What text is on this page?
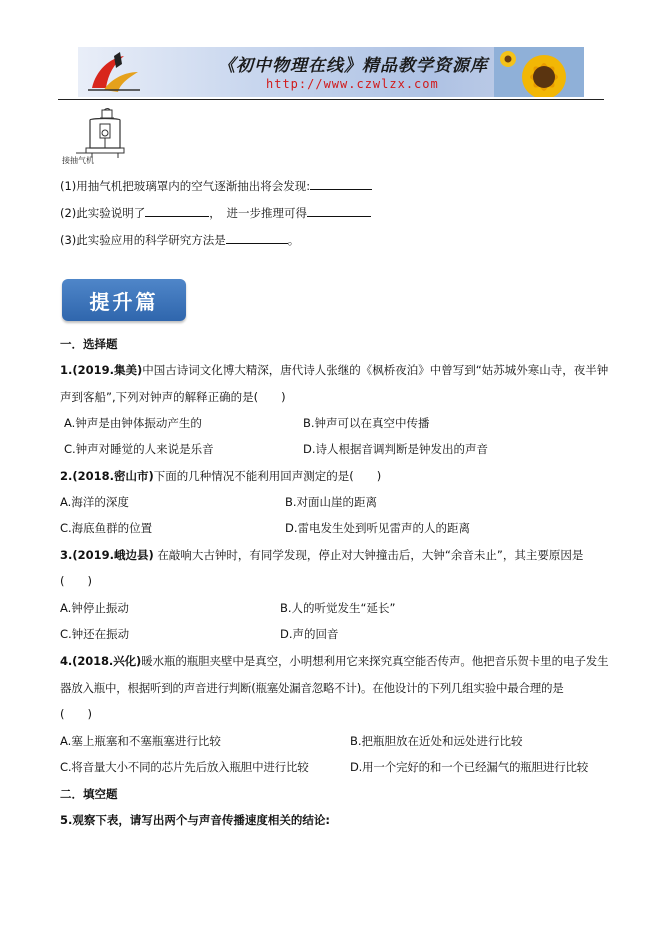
《初中物理在线》精品教学资源库
http://www.czwlzx.com
接抽气机
(1)用抽气机把玻璃罩内的空气逐渐抽出将会发现:
(2)此实验说明了	，　进一步推理可得
(3)此实验应用的科学研究方法是	。
提升篇
一．选择题
1.(2019.集美)中国古诗词文化博大精深，唐代诗人张继的《枫桥夜泊》中曾写到“姑苏城外寒山寺，夜半钟
声到客船”,下列对钟声的解释正确的是(　　)
A.钟声是由钟体振动产生的	B.钟声可以在真空中传播
C.钟声对睡觉的人来说是乐音	D.诗人根据音调判断是钟发出的声音
2.(2018.密山市)下面的几种情况不能利用回声测定的是(　　)
A.海洋的深度	B.对面山崖的距离
C.海底鱼群的位置	D.雷电发生处到听见雷声的人的距离
3.(2019.峨边县) 在敲响大古钟时，有同学发现，停止对大钟撞击后，大钟“余音未止”，其主要原因是
(　　)
A.钟停止振动	B.人的听觉发生“延长”
C.钟还在振动	D.声的回音
4.(2018.兴化)暖水瓶的瓶胆夹壁中是真空，小明想利用它来探究真空能否传声。他把音乐贺卡里的电子发生
器放入瓶中，根据听到的声音进行判断(瓶塞处漏音忽略不计)。在他设计的下列几组实验中最合理的是
(　　)
A.塞上瓶塞和不塞瓶塞进行比较	B.把瓶胆放在近处和远处进行比较
C.将音量大小不同的芯片先后放入瓶胆中进行比较	D.用一个完好的和一个已经漏气的瓶胆进行比较
二．填空题
5.观察下表，请写出两个与声音传播速度相关的结论:
